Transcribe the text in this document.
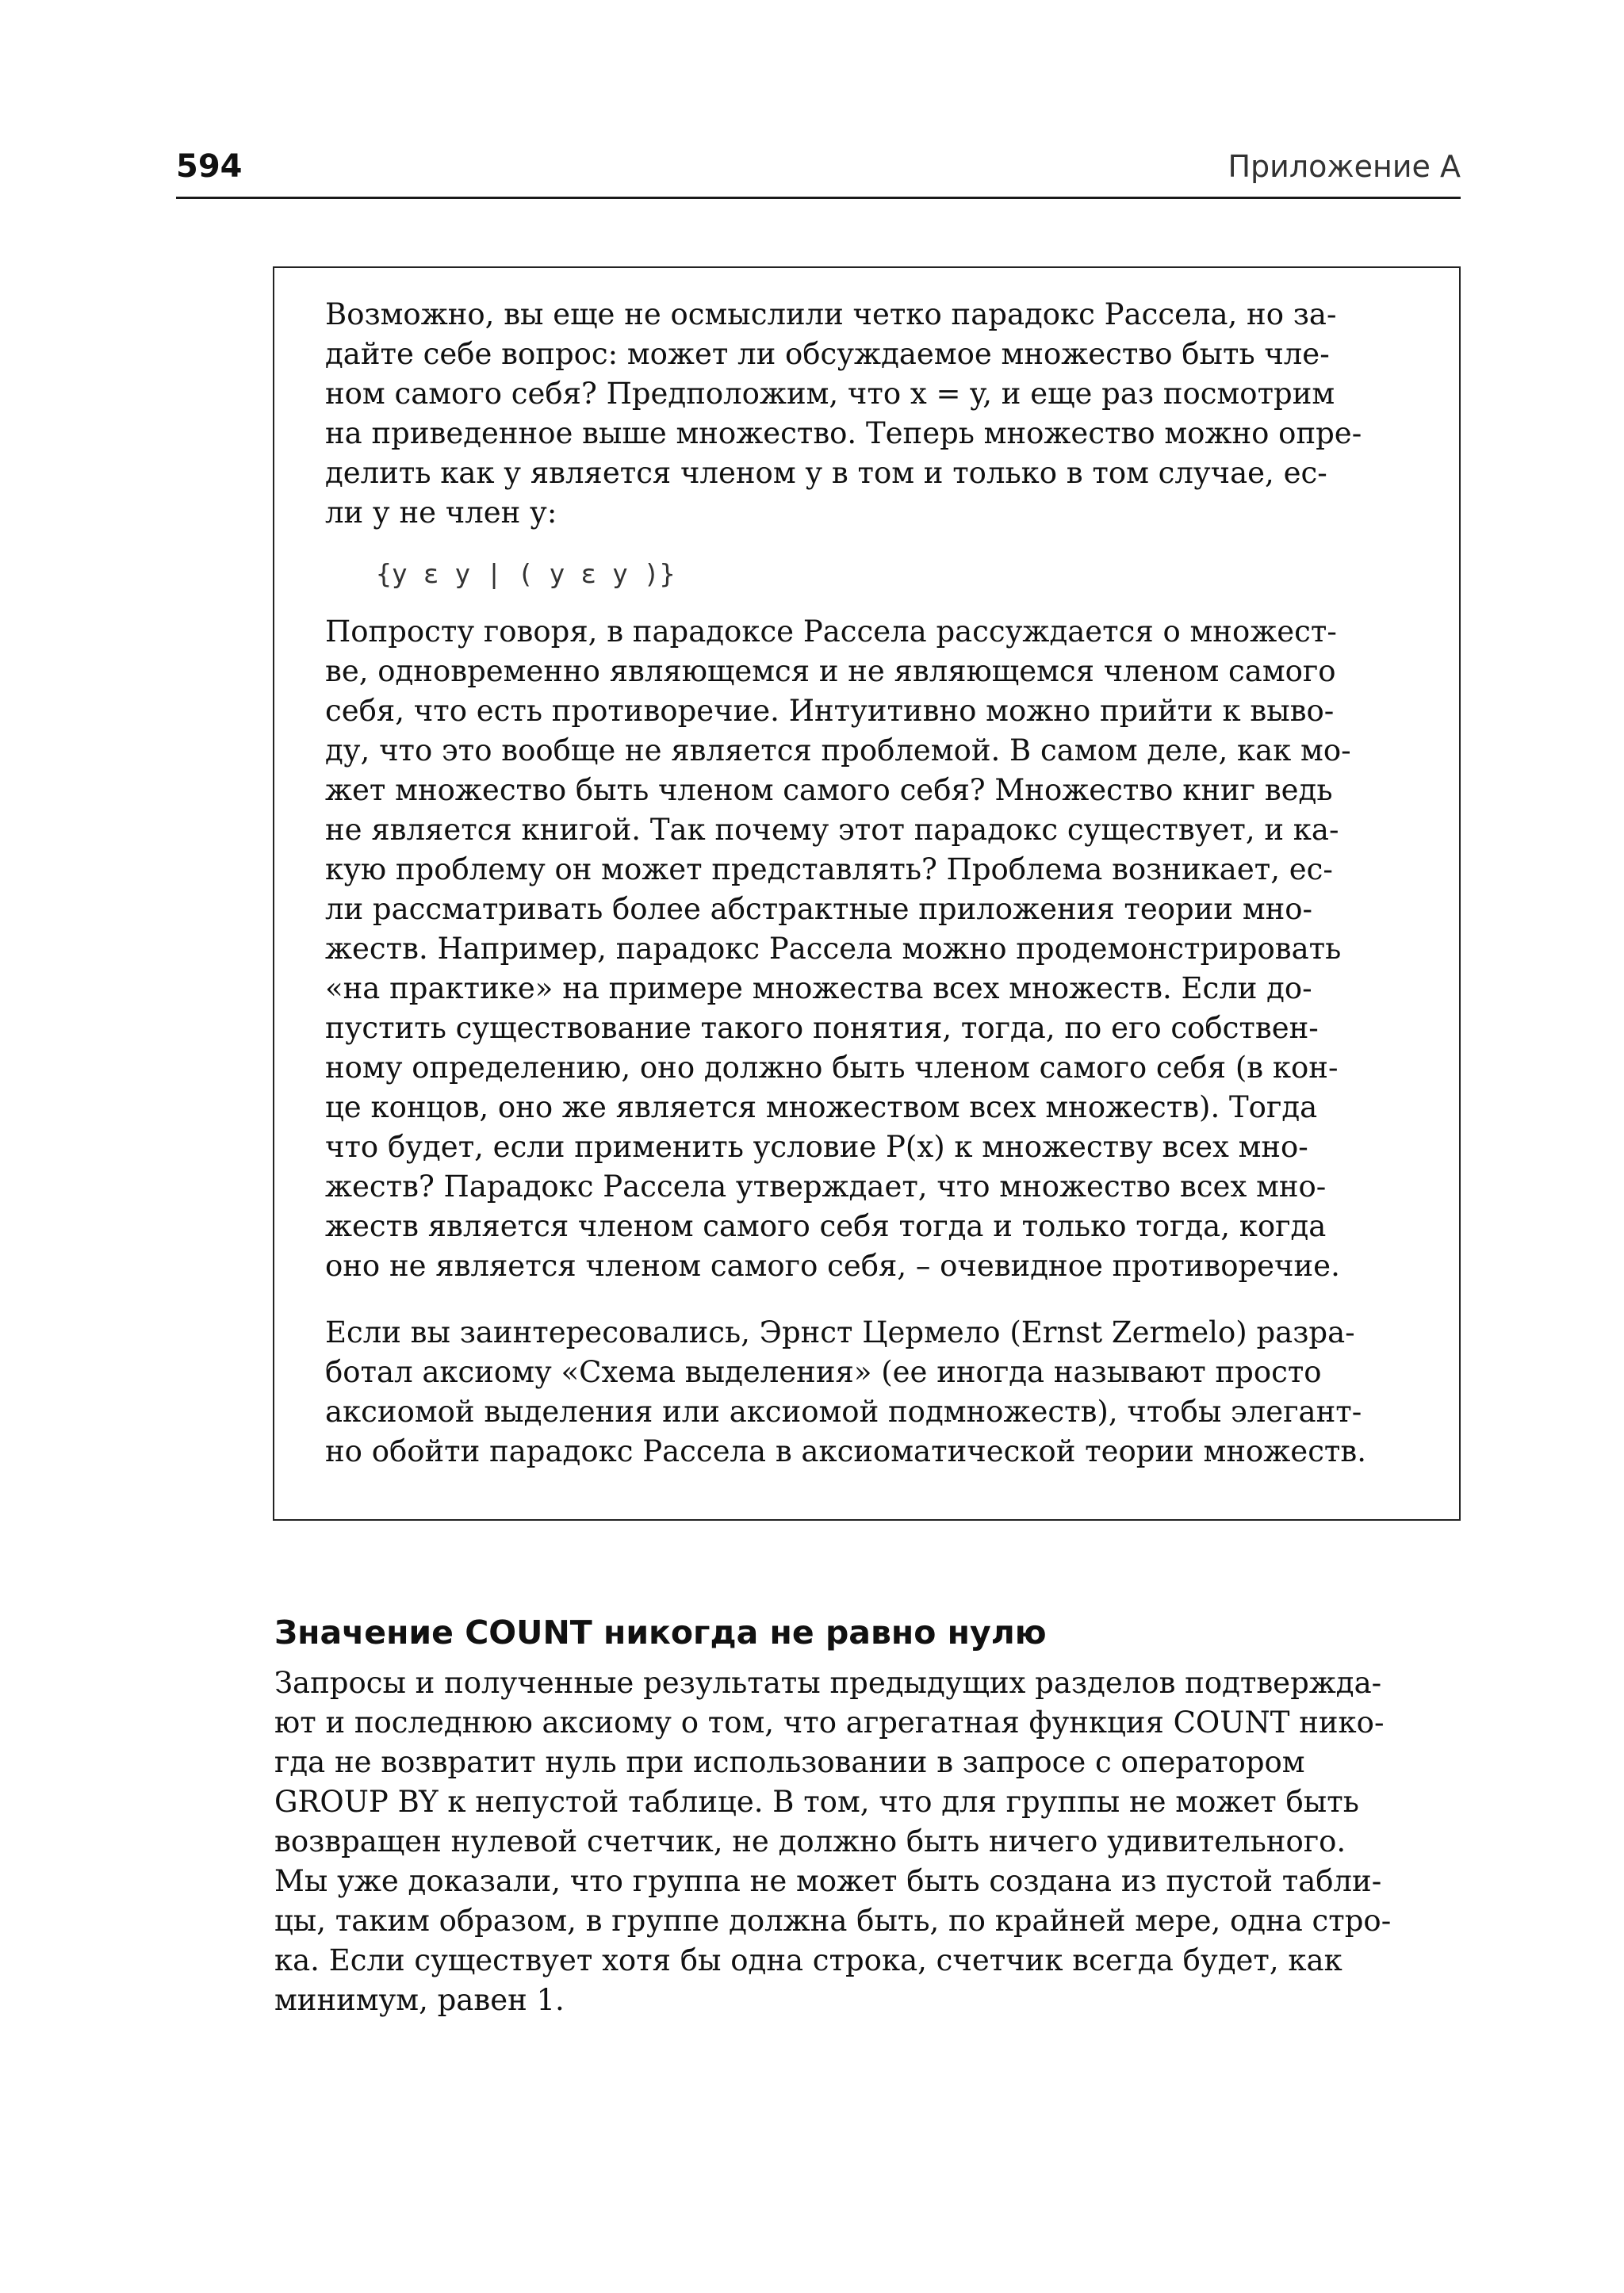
594	Приложение А
Возможно, вы еще не осмыслили четко парадокс Рассела, но за-
дайте себе вопрос: может ли обсуждаемое множество быть чле-
ном самого себя? Предположим, что x = y, и еще раз посмотрим
на приведенное выше множество. Теперь множество можно опре-
делить как у является членом у в том и только в том случае, ес-
ли у не член у:
{y ε y | ( y ε y )}
Попросту говоря, в парадоксе Рассела рассуждается о множест-
ве, одновременно являющемся и не являющемся членом самого
себя, что есть противоречие. Интуитивно можно прийти к выво-
ду, что это вообще не является проблемой. В самом деле, как мо-
жет множество быть членом самого себя? Множество книг ведь
не является книгой. Так почему этот парадокс существует, и ка-
кую проблему он может представлять? Проблема возникает, ес-
ли рассматривать более абстрактные приложения теории мно-
жеств. Например, парадокс Рассела можно продемонстрировать
«на практике» на примере множества всех множеств. Если до-
пустить существование такого понятия, тогда, по его собствен-
ному определению, оно должно быть членом самого себя (в кон-
це концов, оно же является множеством всех множеств). Тогда
что будет, если применить условие P(x) к множеству всех мно-
жеств? Парадокс Рассела утверждает, что множество всех мно-
жеств является членом самого себя тогда и только тогда, когда
оно не является членом самого себя, – очевидное противоречие.
Если вы заинтересовались, Эрнст Цермело (Ernst Zermelo) разра-
ботал аксиому «Схема выделения» (ее иногда называют просто
аксиомой выделения или аксиомой подмножеств), чтобы элегант-
но обойти парадокс Рассела в аксиоматической теории множеств.
Значение COUNT никогда не равно нулю
Запросы и полученные результаты предыдущих разделов подтвержда-
ют и последнюю аксиому о том, что агрегатная функция COUNT нико-
гда не возвратит нуль при использовании в запросе с оператором
GROUP BY к непустой таблице. В том, что для группы не может быть
возвращен нулевой счетчик, не должно быть ничего удивительного.
Мы уже доказали, что группа не может быть создана из пустой табли-
цы, таким образом, в группе должна быть, по крайней мере, одна стро-
ка. Если существует хотя бы одна строка, счетчик всегда будет, как
минимум, равен 1.
